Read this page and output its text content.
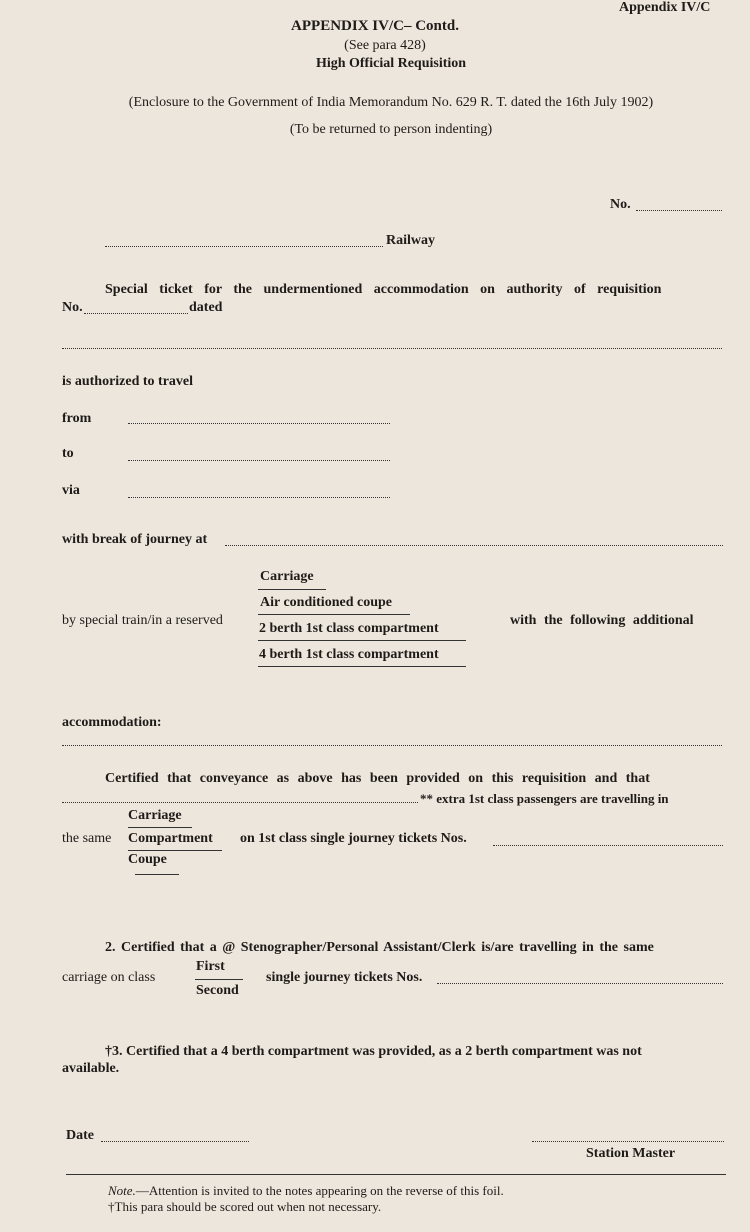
Appendix IV/C
APPENDIX IV/C– Contd.
(See para 428)
High Official Requisition
(Enclosure to the Government of India Memorandum No. 629 R. T. dated the 16th July 1902)
(To be returned to person indenting)
No.
Railway
Special ticket for the undermentioned accommodation on authority of requisition
No.	dated
is authorized to travel
from
to
via
with break of journey at
Carriage
Air conditioned coupe
by special train/in a reserved
2 berth 1st class compartment
4 berth 1st class compartment
with the following additional
accommodation:
Certified that conveyance as above has been provided on this requisition and that
** extra 1st class passengers are travelling in
Carriage
the same Compartment on 1st class single journey tickets Nos.
Coupe
2. Certified that a @ Stenographer/Personal Assistant/Clerk is/are travelling in the same
carriage on class
First
Second
single journey tickets Nos.
†3. Certified that a 4 berth compartment was provided, as a 2 berth compartment was not
available.
Date
Station Master
Note.—Attention is invited to the notes appearing on the reverse of this foil.
†This para should be scored out when not necessary.
